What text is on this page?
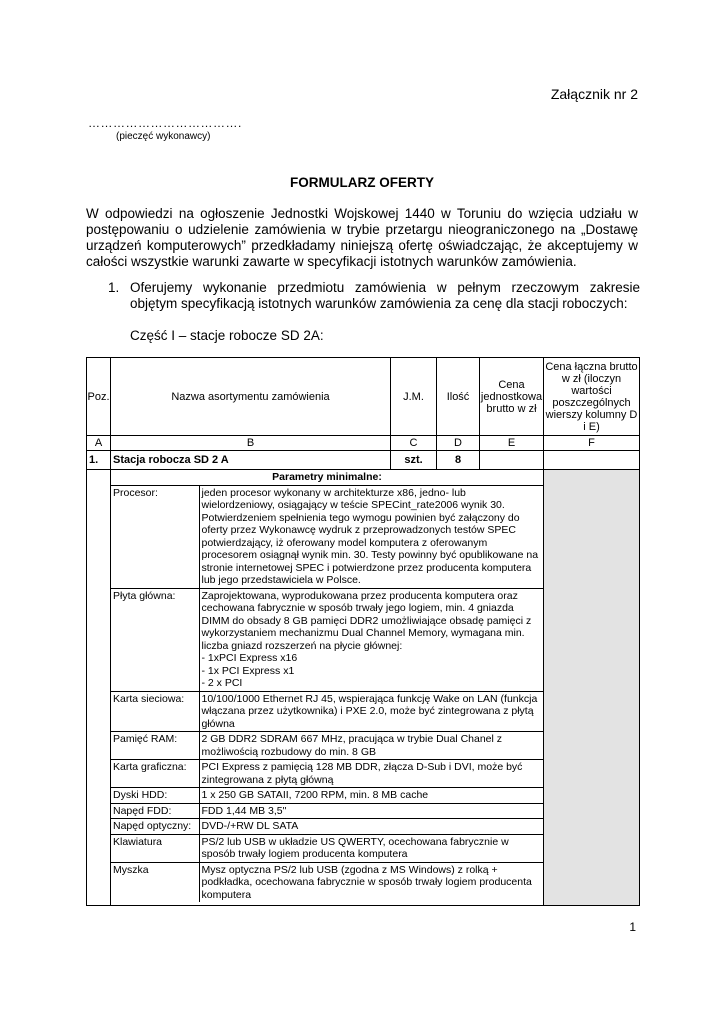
Załącznik nr 2
……………………………….
(pieczęć wykonawcy)
FORMULARZ OFERTY
W odpowiedzi na ogłoszenie Jednostki Wojskowej 1440 w Toruniu do wzięcia udziału w postępowaniu o udzielenie zamówienia w trybie przetargu nieograniczonego na „Dostawę urządzeń komputerowych” przedkładamy niniejszą ofertę oświadczając, że akceptujemy w całości wszystkie warunki zawarte w specyfikacji istotnych warunków zamówienia.
1. Oferujemy wykonanie przedmiotu zamówienia w pełnym rzeczowym zakresie objętym specyfikacją istotnych warunków zamówienia za cenę dla stacji roboczych:
Część I – stacje robocze SD 2A:
Poz.	Nazwa asortymentu zamówienia	J.M.	Ilość	Cena jednostkowa brutto w zł	Cena łączna brutto w zł (iloczyn wartości poszczególnych wierszy kolumny D i E)
A	B	C	D	E	F
1.	Stacja robocza SD 2 A	szt.	8		

Parametry minimalne:
Procesor:	jeden procesor wykonany w architekturze x86, jedno- lub wielordzeniowy, osiągający w teście SPECint_rate2006 wynik 30.
Potwierdzeniem spełnienia tego wymogu powinien być załączony do oferty przez Wykonawcę wydruk z przeprowadzonych testów SPEC potwierdzający, iż oferowany model komputera z oferowanym procesorem osiągnął wynik min. 30. Testy powinny być opublikowane na stronie internetowej SPEC i potwierdzone przez producenta komputera lub jego przedstawiciela w Polsce.

Płyta główna:	Zaprojektowana, wyprodukowana przez producenta komputera oraz cechowana fabrycznie w sposób trwały jego logiem, min. 4 gniazda DIMM do obsady 8 GB pamięci DDR2 umożliwiające obsadę pamięci z wykorzystaniem mechanizmu Dual Channel Memory, wymagana min. liczba gniazd rozszerzeń na płycie głównej:
- 1xPCI Express x16
- 1x PCI Express x1
- 2 x PCI

Karta sieciowa:	10/100/1000 Ethernet RJ 45, wspierająca funkcję Wake on LAN (funkcja włączana przez użytkownika) i PXE 2.0, może być zintegrowana z płytą główna
Pamięć RAM:	2 GB DDR2 SDRAM 667 MHz, pracująca w trybie Dual Chanel z możliwością rozbudowy do min. 8 GB
Karta graficzna:	PCI Express z pamięcią 128 MB DDR, złącza D-Sub i DVI, może być zintegrowana z płytą główną
Dyski HDD:	1 x 250 GB SATAII, 7200 RPM, min. 8 MB cache
Napęd FDD:	FDD 1,44 MB 3,5"
Napęd optyczny:	DVD-/+RW DL SATA
Klawiatura	PS/2 lub USB w układzie US QWERTY, ocechowana fabrycznie w sposób trwały logiem producenta komputera
Myszka	Mysz optyczna PS/2 lub USB (zgodna z MS Windows) z rolką + podkładka, ocechowana fabrycznie w sposób trwały logiem producenta komputera

1
